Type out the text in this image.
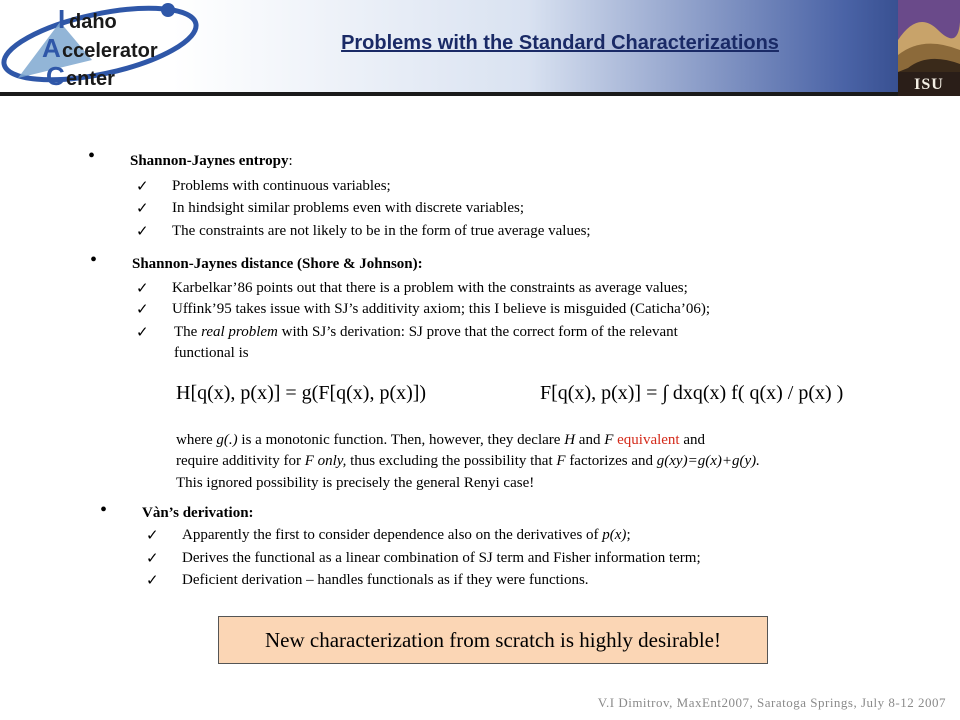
I daho
A ccelerator
C enter
Problems with the Standard Characterizations
ISU
• Shannon-Jaynes entropy:
✓ Problems with continuous variables;
✓ In hindsight similar problems even with discrete variables;
✓ The constraints are not likely to be in the form of true average values;
• Shannon-Jaynes distance (Shore & Johnson):
✓ Karbelkar’86 points out that there is a problem with the constraints as average values;
✓ Uffink’95 takes issue with SJ’s additivity axiom; this I believe is misguided (Caticha’06);
✓ The real problem with SJ’s derivation: SJ prove that the correct form of the relevant
functional is
H[q(x), p(x)] = g(F[q(x), p(x)])	F[q(x), p(x)] = ∫ dxq(x) f( q(x) / p(x) )
where g(.) is a monotonic function. Then, however, they declare H and F equivalent and
require additivity for F only, thus excluding the possibility that F factorizes and g(xy)=g(x)+g(y).
This ignored possibility is precisely the general Renyi case!
• Vàn’s derivation:
✓ Apparently the first to consider dependence also on the derivatives of p(x);
✓ Derives the functional as a linear combination of SJ term and Fisher information term;
✓ Deficient derivation – handles functionals as if they were functions.
New characterization from scratch is highly desirable!
V.I Dimitrov, MaxEnt2007, Saratoga Springs, July 8-12 2007
